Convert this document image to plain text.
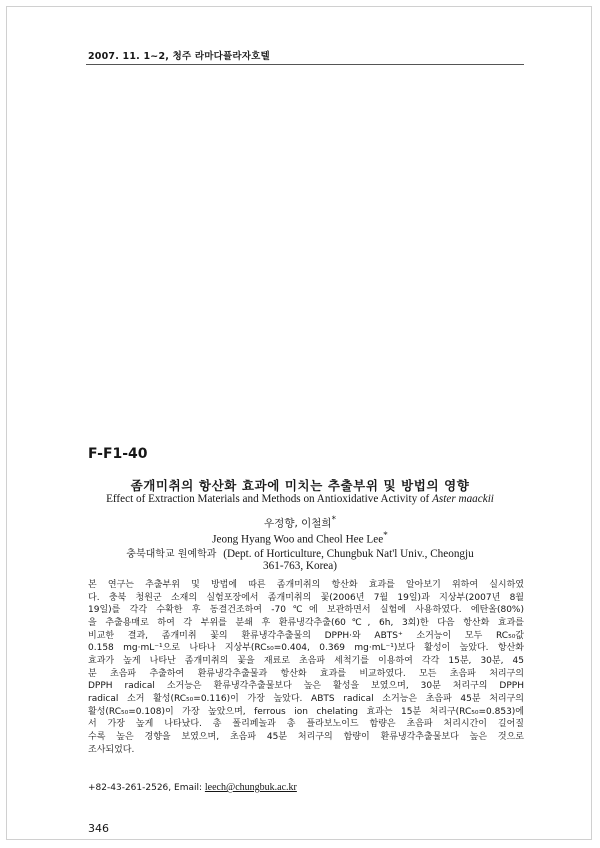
2007. 11. 1~2, 청주 라마다플라자호텔
F-F1-40
좀개미취의 항산화 효과에 미치는 추출부위 및 방법의 영향
Effect of Extraction Materials and Methods on Antioxidative Activity of Aster maackii
우정향, 이철희*
Jeong Hyang Woo and Cheol Hee Lee*
충북대학교 원예학과 (Dept. of Horticulture, Chungbuk Nat'l Univ., Cheongju
361-763, Korea)
본 연구는 추출부위 및 방법에 따른 좀개미취의 항산화 효과를 알아보기 위하여 실시하였
다. 충북 청원군 소재의 실험포장에서 좀개미취의 꽃(2006년 7월 19일)과 지상부(2007년 8월
19일)를 각각 수확한 후 동결건조하여 -70℃에 보관하면서 실험에 사용하였다. 에탄올(80%)
을 추출용매로 하여 각 부위를 분쇄 후 환류냉각추출(60℃, 6h, 3회)한 다음 항산화 효과를
비교한 결과, 좀개미취 꽃의 환류냉각추출물의 DPPH·와 ABTS⁺ 소거능이 모두 RC₅₀값
0.158 mg·mL⁻¹으로 나타나 지상부(RC₅₀=0.404, 0.369 mg·mL⁻¹)보다 활성이 높았다. 항산화
효과가 높게 나타난 좀개미취의 꽃을 재료로 초음파 세척기를 이용하여 각각 15분, 30분, 45
분 초음파 추출하여 환류냉각추출물과 항산화 효과를 비교하였다. 모든 초음파 처리구의
DPPH radical 소거능은 환류냉각추출물보다 높은 활성을 보였으며, 30분 처리구의 DPPH
radical 소거 활성(RC₅₀=0.116)이 가장 높았다. ABTS radical 소거능은 초음파 45분 처리구의
활성(RC₅₀=0.108)이 가장 높았으며, ferrous ion chelating 효과는 15분 처리구(RC₅₀=0.853)에
서 가장 높게 나타났다. 총 폴리페놀과 총 플라보노이드 함량은 초음파 처리시간이 길어질
수록 높은 경향을 보였으며, 초음파 45분 처리구의 함량이 환류냉각추출물보다 높은 것으로
조사되었다.
+82-43-261-2526, Email: leech@chungbuk.ac.kr
346
